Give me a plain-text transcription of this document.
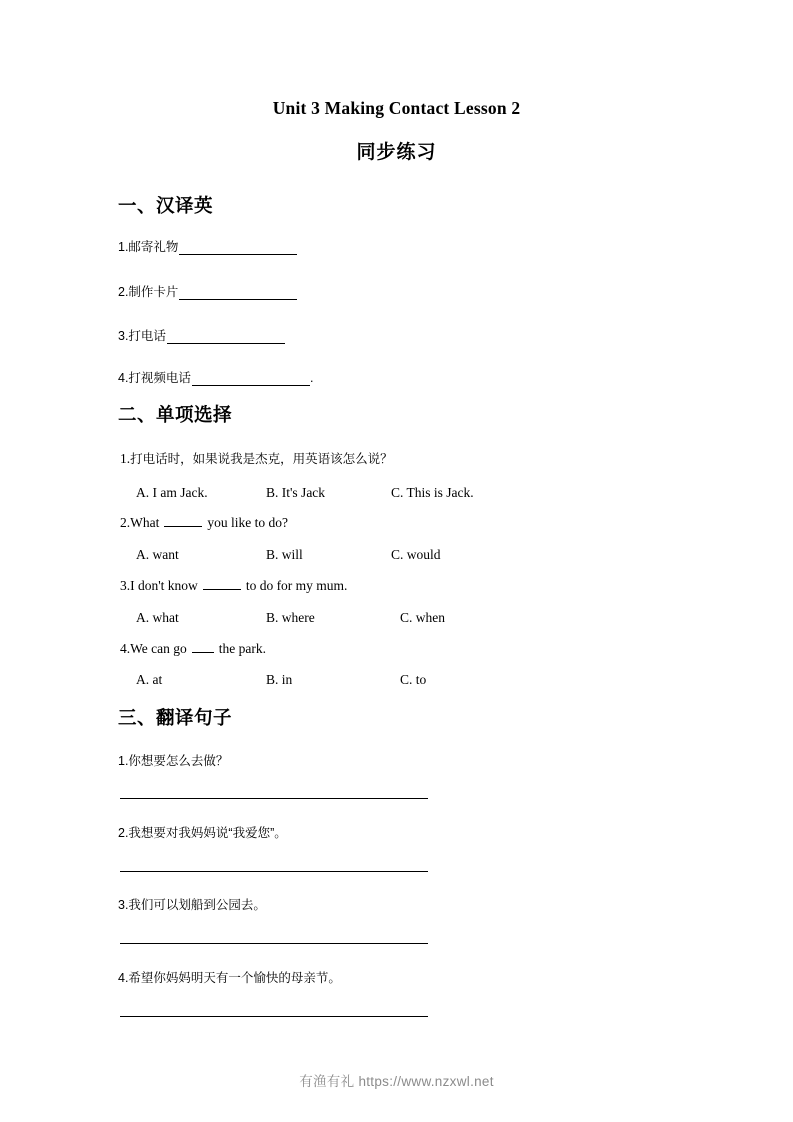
Unit 3 Making Contact Lesson 2
同步练习
一、汉译英
1.邮寄礼物
2.制作卡片
3.打电话
4.打视频电话	.
二、单项选择
1. 打电话时，如果说我是杰克，用英语该怎么说？
A. I am Jack.	B. It's Jack	C. This is Jack.
2. What	you like to do?
A. want	B. will	C. would
3. I don't know	to do for my mum.
A. what	B. where	C. when
4. We can go the park.
A. at	B. in	C. to
三、翻译句子
1.你想要怎么去做？
2.我想要对我妈妈说“我爱您”。
3.我们可以划船到公园去。
4.希望你妈妈明天有一个愉快的母亲节。
有渔有礼 https://www.nzxwl.net
